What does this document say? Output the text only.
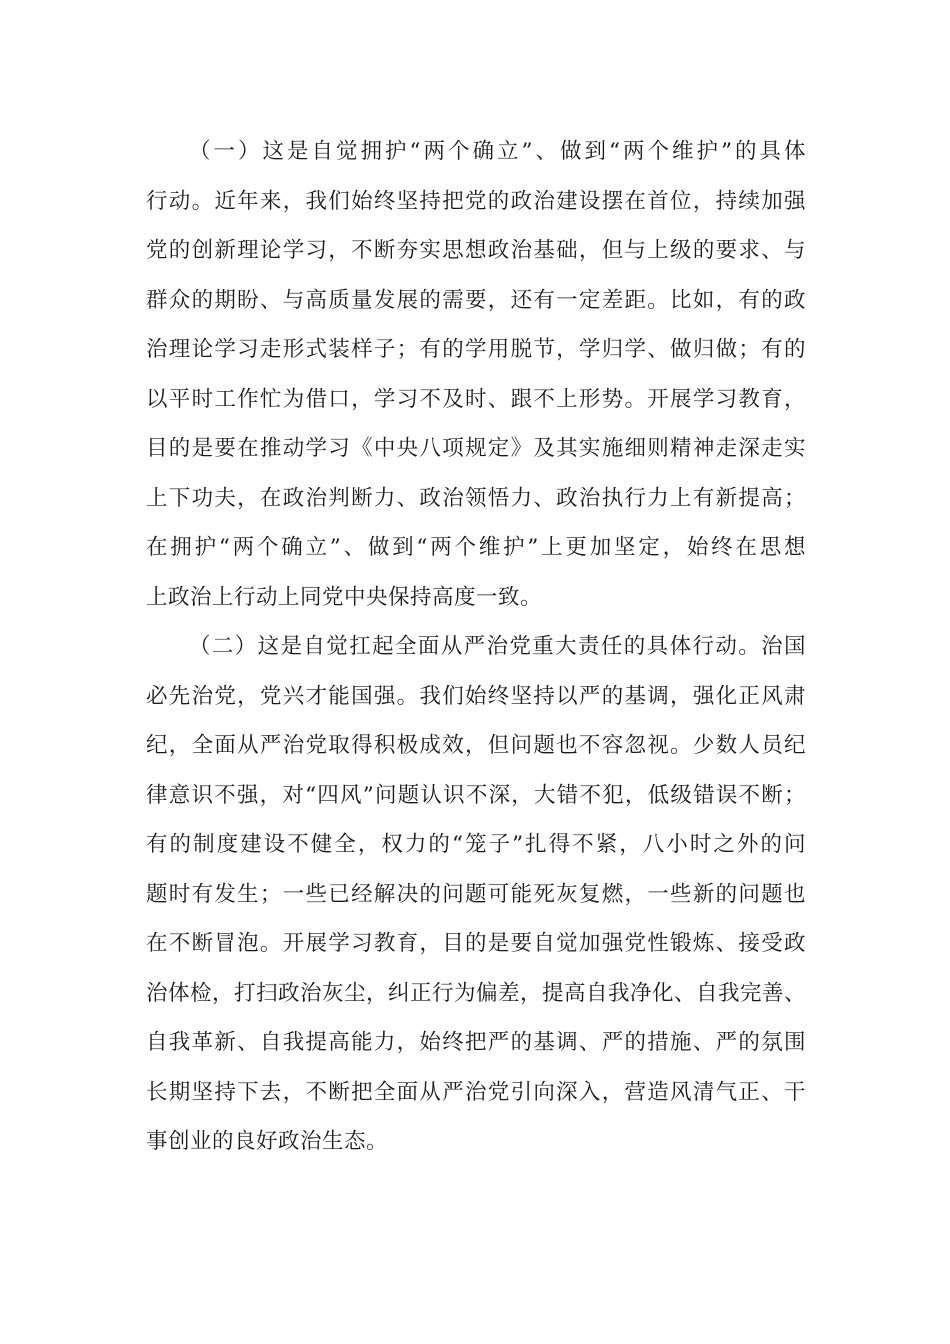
（一）这是自觉拥护“两个确立”、做到“两个维护”的具体
行动。近年来，我们始终坚持把党的政治建设摆在首位，持续加强
党的创新理论学习，不断夯实思想政治基础，但与上级的要求、与
群众的期盼、与高质量发展的需要，还有一定差距。比如，有的政
治理论学习走形式装样子；有的学用脱节，学归学、做归做；有的
以平时工作忙为借口，学习不及时、跟不上形势。开展学习教育，
目的是要在推动学习《中央八项规定》及其实施细则精神走深走实
上下功夫，在政治判断力、政治领悟力、政治执行力上有新提高；
在拥护“两个确立”、做到“两个维护”上更加坚定，始终在思想
上政治上行动上同党中央保持高度一致。
（二）这是自觉扛起全面从严治党重大责任的具体行动。治国
必先治党，党兴才能国强。我们始终坚持以严的基调，强化正风肃
纪，全面从严治党取得积极成效，但问题也不容忽视。少数人员纪
律意识不强，对“四风”问题认识不深，大错不犯，低级错误不断；
有的制度建设不健全，权力的“笼子”扎得不紧，八小时之外的问
题时有发生；一些已经解决的问题可能死灰复燃，一些新的问题也
在不断冒泡。开展学习教育，目的是要自觉加强党性锻炼、接受政
治体检，打扫政治灰尘，纠正行为偏差，提高自我净化、自我完善、
自我革新、自我提高能力，始终把严的基调、严的措施、严的氛围
长期坚持下去，不断把全面从严治党引向深入，营造风清气正、干
事创业的良好政治生态。
